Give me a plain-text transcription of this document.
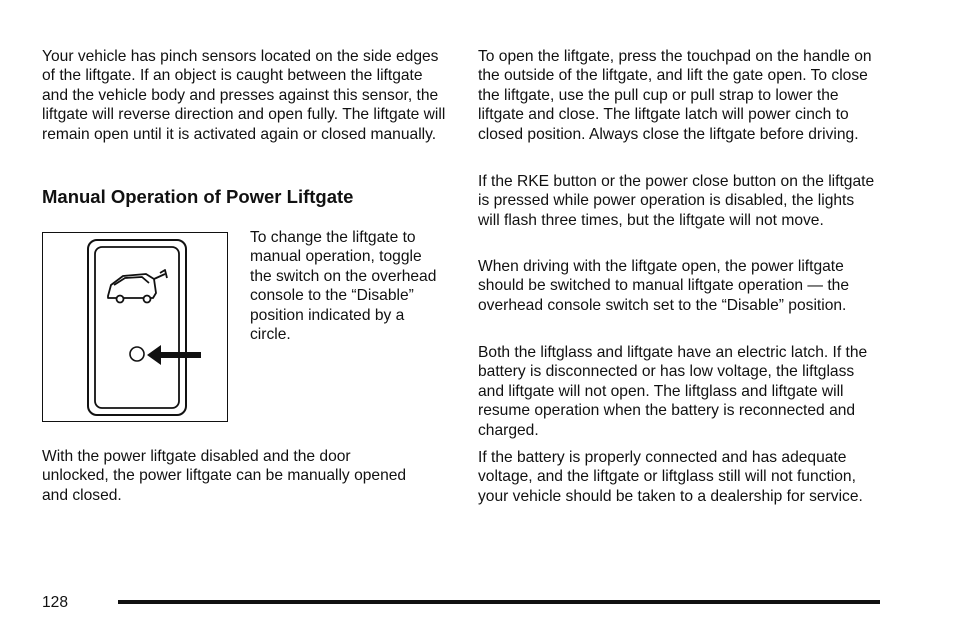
Your vehicle has pinch sensors located on the side edges of the liftgate. If an object is caught between the liftgate and the vehicle body and presses against this sensor, the liftgate will reverse direction and open fully. The liftgate will remain open until it is activated again or closed manually.

Manual Operation of Power Liftgate

To change the liftgate to manual operation, toggle the switch on the overhead console to the “Disable” position indicated by a circle.

With the power liftgate disabled and the door unlocked, the power liftgate can be manually opened and closed.

To open the liftgate, press the touchpad on the handle on the outside of the liftgate, and lift the gate open. To close the liftgate, use the pull cup or pull strap to lower the liftgate and close. The liftgate latch will power cinch to closed position. Always close the liftgate before driving.

If the RKE button or the power close button on the liftgate is pressed while power operation is disabled, the lights will flash three times, but the liftgate will not move.

When driving with the liftgate open, the power liftgate should be switched to manual liftgate operation — the overhead console switch set to the “Disable” position.

Both the liftglass and liftgate have an electric latch. If the battery is disconnected or has low voltage, the liftglass and liftgate will not open. The liftglass and liftgate will resume operation when the battery is reconnected and charged.

If the battery is properly connected and has adequate voltage, and the liftgate or liftglass still will not function, your vehicle should be taken to a dealership for service.

128
